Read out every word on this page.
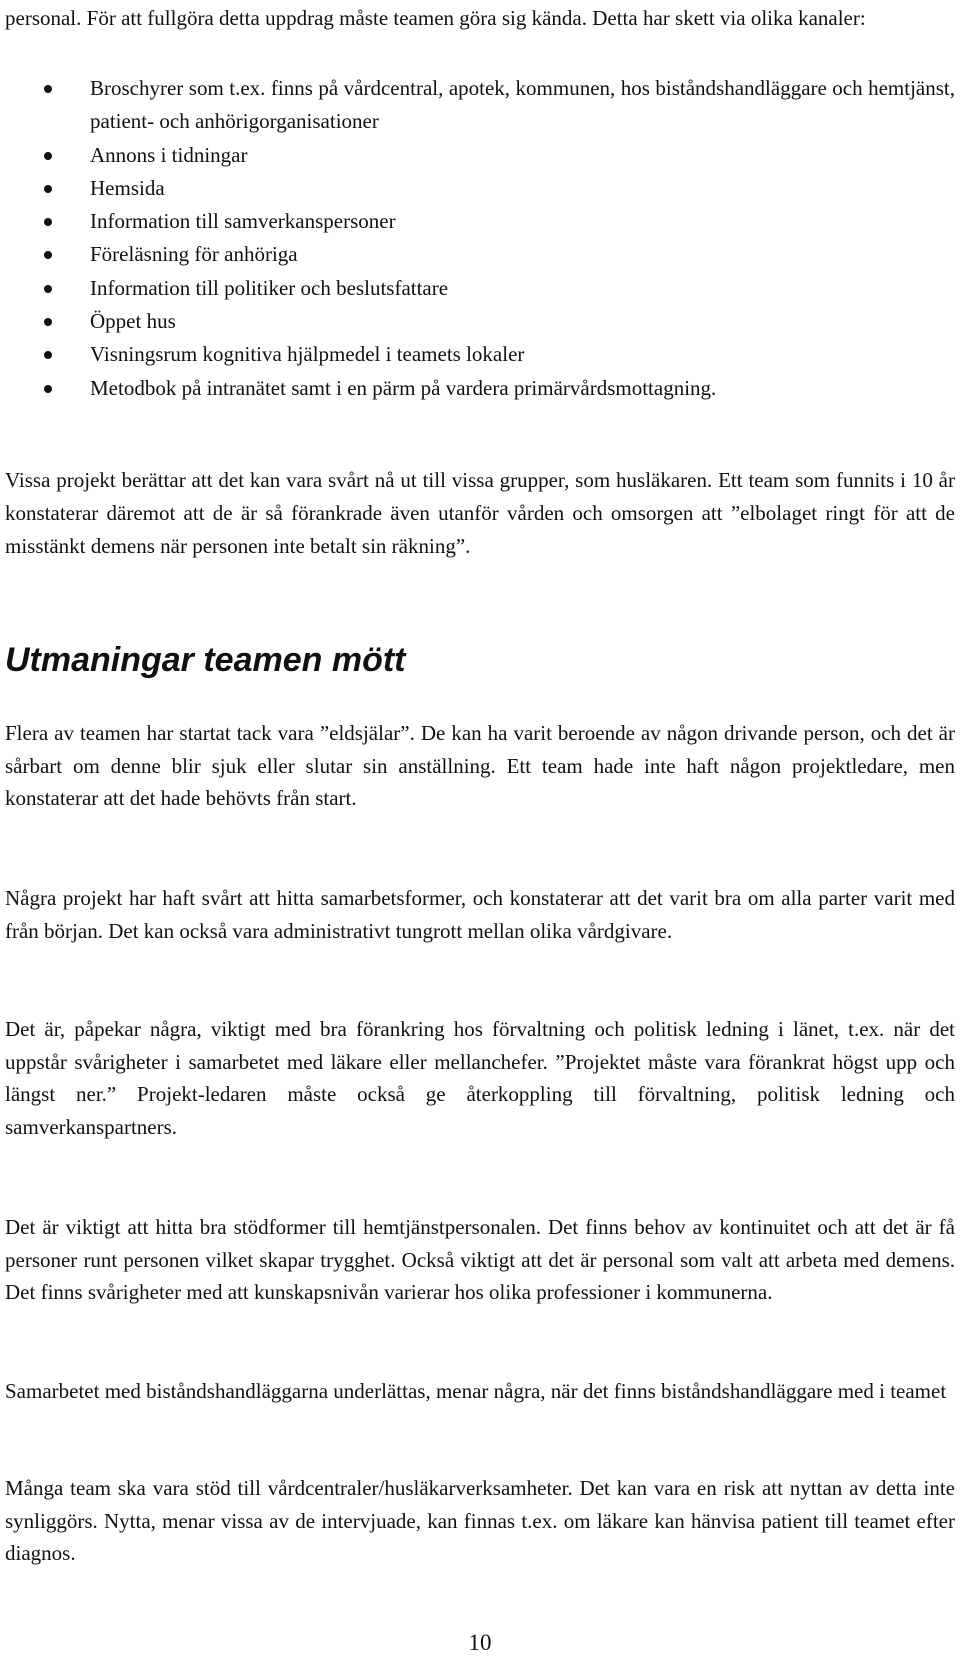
personal. För att fullgöra detta uppdrag måste teamen göra sig kända. Detta har skett via olika kanaler:

Broschyrer som t.ex. finns på vårdcentral, apotek, kommunen, hos biståndshandläggare och hemtjänst, patient- och anhörigorganisationer
Annons i tidningar
Hemsida
Information till samverkanspersoner
Föreläsning för anhöriga
Information till politiker och beslutsfattare
Öppet hus
Visningsrum kognitiva hjälpmedel i teamets lokaler
Metodbok på intranätet samt i en pärm på vardera primärvårdsmottagning.

Vissa projekt berättar att det kan vara svårt nå ut till vissa grupper, som husläkaren. Ett team som funnits i 10 år konstaterar däremot att de är så förankrade även utanför vården och omsorgen att ”elbolaget ringt för att de misstänkt demens när personen inte betalt sin räkning”.

Utmaningar teamen mött

Flera av teamen har startat tack vara ”eldsjälar”. De kan ha varit beroende av någon drivande person, och det är sårbart om denne blir sjuk eller slutar sin anställning. Ett team hade inte haft någon projektledare, men konstaterar att det hade behövts från start.

Några projekt har haft svårt att hitta samarbetsformer, och konstaterar att det varit bra om alla parter varit med från början. Det kan också vara administrativt tungrott mellan olika vårdgivare.

Det är, påpekar några, viktigt med bra förankring hos förvaltning och politisk ledning i länet, t.ex. när det uppstår svårigheter i samarbetet med läkare eller mellanchefer. ”Projektet måste vara förankrat högst upp och längst ner.” Projekt-ledaren måste också ge återkoppling till förvaltning, politisk ledning och samverkanspartners.

Det är viktigt att hitta bra stödformer till hemtjänstpersonalen. Det finns behov av kontinuitet och att det är få personer runt personen vilket skapar trygghet. Också viktigt att det är personal som valt att arbeta med demens. Det finns svårigheter med att kunskapsnivån varierar hos olika professioner i kommunerna.

Samarbetet med biståndshandläggarna underlättas, menar några, när det finns biståndshandläggare med i teamet

Många team ska vara stöd till vårdcentraler/husläkarverksamheter. Det kan vara en risk att nyttan av detta inte synliggörs. Nytta, menar vissa av de intervjuade, kan finnas t.ex. om läkare kan hänvisa patient till teamet efter diagnos.

10
